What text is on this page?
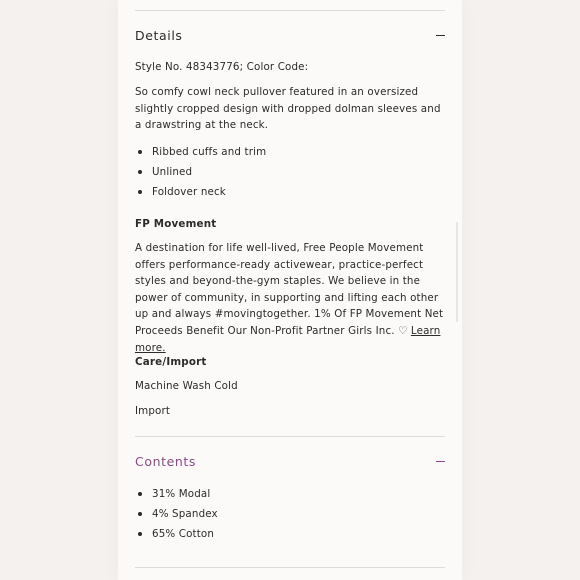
Details

Style No. 48343776; Color Code:

So comfy cowl neck pullover featured in an oversized slightly cropped design with dropped dolman sleeves and a drawstring at the neck.

Ribbed cuffs and trim
Unlined
Foldover neck
FP Movement

A destination for life well-lived, Free People Movement offers performance-ready activewear, practice-perfect styles and beyond-the-gym staples. We believe in the power of community, in supporting and lifting each other up and always #movingtogether. 1% Of FP Movement Net Proceeds Benefit Our Non-Profit Partner Girls Inc. ♡ Learn more.

Care/Import

Machine Wash Cold

Import

Contents
31% Modal
4% Spandex
65% Cotton
